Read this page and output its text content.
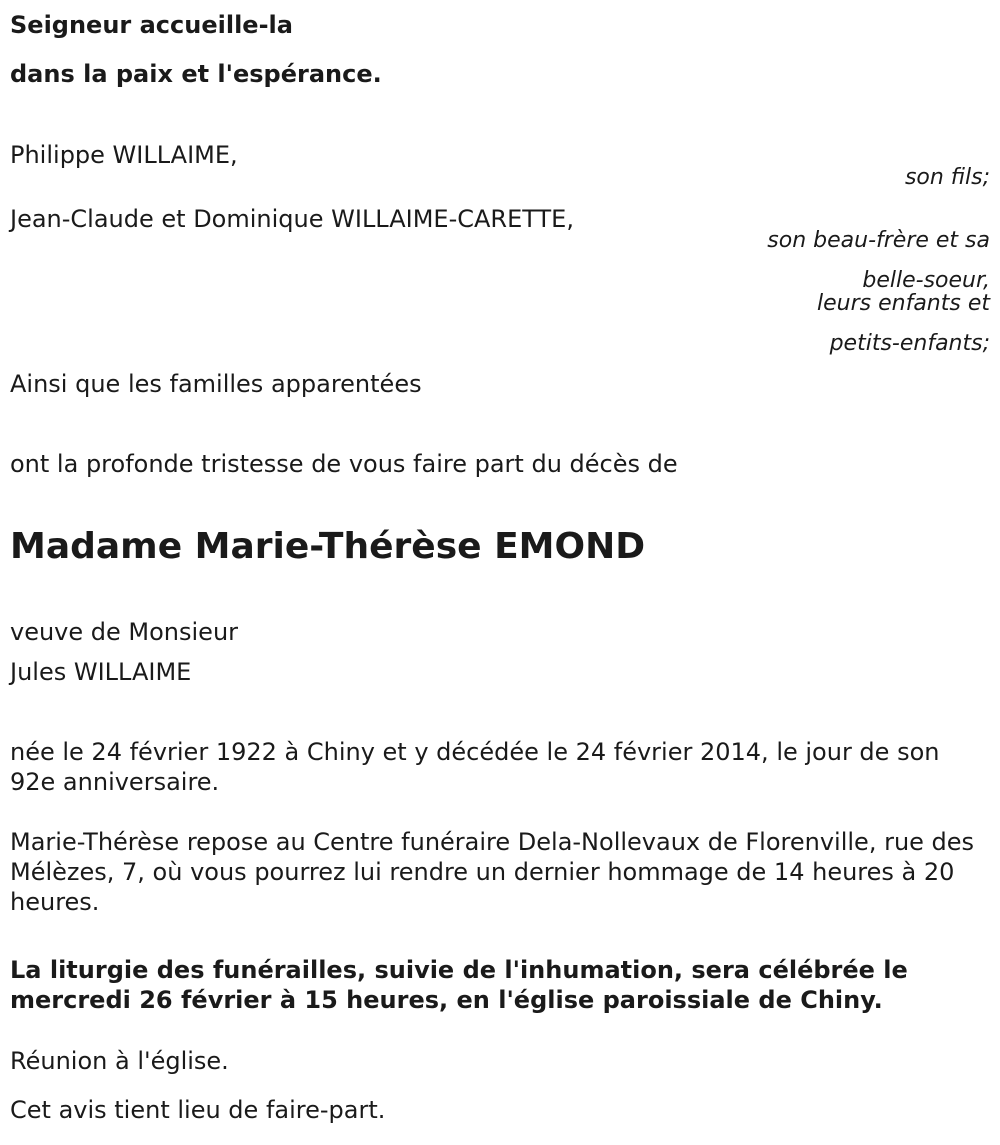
Seigneur accueille-la
dans la paix et l'espérance.
Philippe WILLAIME,
son fils;
Jean-Claude et Dominique WILLAIME-CARETTE,
son beau-frère et sa
belle-soeur,
leurs enfants et
petits-enfants;
Ainsi que les familles apparentées
ont la profonde tristesse de vous faire part du décès de
Madame Marie-Thérèse EMOND
veuve de Monsieur
Jules WILLAIME
née le 24 février 1922 à Chiny et y décédée le 24 février 2014, le jour de son 92e anniversaire.
Marie-Thérèse repose au Centre funéraire Dela-Nollevaux de Florenville, rue des Mélèzes, 7, où vous pourrez lui rendre un dernier hommage de 14 heures à 20 heures.
La liturgie des funérailles, suivie de l'inhumation, sera célébrée le mercredi 26 février à 15 heures, en l'église paroissiale de Chiny.
Réunion à l'église.
Cet avis tient lieu de faire-part.
